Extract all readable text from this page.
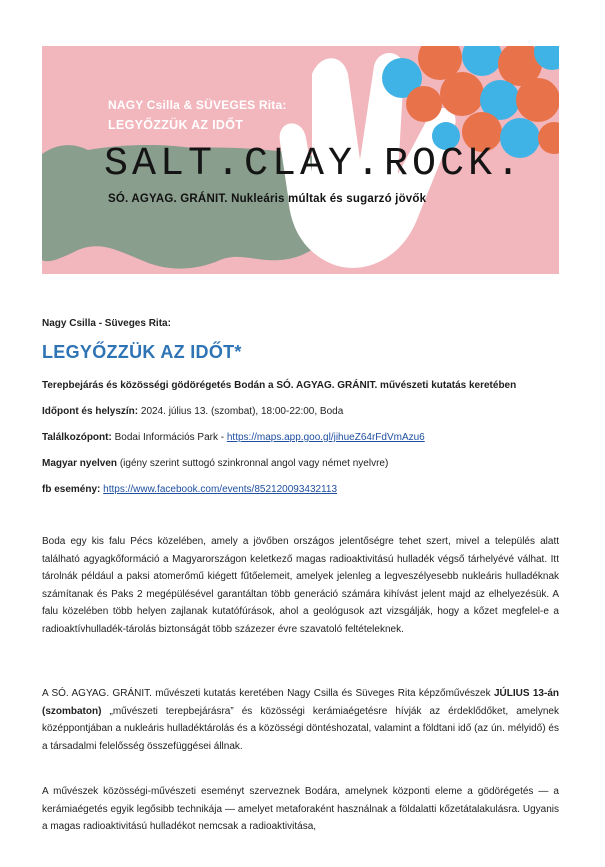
NAGY Csilla & SÜVEGES Rita:
LEGYŐZZÜK AZ IDŐT
SALT.CLAY.ROCK.
SÓ. AGYAG. GRÁNIT. Nukleáris múltak és sugarzó jövők
Nagy Csilla - Süveges Rita:
LEGYŐZZÜK AZ IDŐT*
Terepbejárás és közösségi gödörégetés Bodán a SÓ. AGYAG. GRÁNIT. művészeti kutatás keretében
Időpont és helyszín: 2024. július 13. (szombat), 18:00-22:00, Boda
Találkozópont: Bodai Információs Park - https://maps.app.goo.gl/jihueZ64rFdVmAzu6
Magyar nyelven (igény szerint suttogó szinkronnal angol vagy német nyelvre)
fb esemény: https://www.facebook.com/events/852120093432113
Boda egy kis falu Pécs közelében, amely a jövőben országos jelentőségre tehet szert, mivel a település alatt található agyagkőformáció a Magyarországon keletkező magas radioaktivitású hulladék végső tárhelyévé válhat. Itt tárolnák például a paksi atomerőmű kiégett fűtőelemeit, amelyek jelenleg a legveszélyesebb nukleáris hulladéknak számítanak és Paks 2 megépülésével garantáltan több generáció számára kihívást jelent majd az elhelyezésük. A falu közelében több helyen zajlanak kutatófúrások, ahol a geológusok azt vizsgálják, hogy a kőzet megfelel-e a radioaktívhulladék-tárolás biztonságát több százezer évre szavatoló feltételeknek.
A SÓ. AGYAG. GRÁNIT. művészeti kutatás keretében Nagy Csilla és Süveges Rita képzőművészek JÚLIUS 13-án (szombaton) „művészeti terepbejárásra” és közösségi kerámiaégetésre hívják az érdeklődőket, amelynek középpontjában a nukleáris hulladéktárolás és a közösségi döntéshozatal, valamint a földtani idő (az ún. mélyidő) és a társadalmi felelősség összefüggései állnak.
A művészek közösségi-művészeti eseményt szerveznek Bodára, amelynek központi eleme a gödörégetés — a kerámiaégetés egyik legősibb technikája — amelyet metaforaként használnak a földalatti kőzetátalakulásra. Ugyanis a magas radioaktivitású hulladékot nemcsak a radioaktivitása,
